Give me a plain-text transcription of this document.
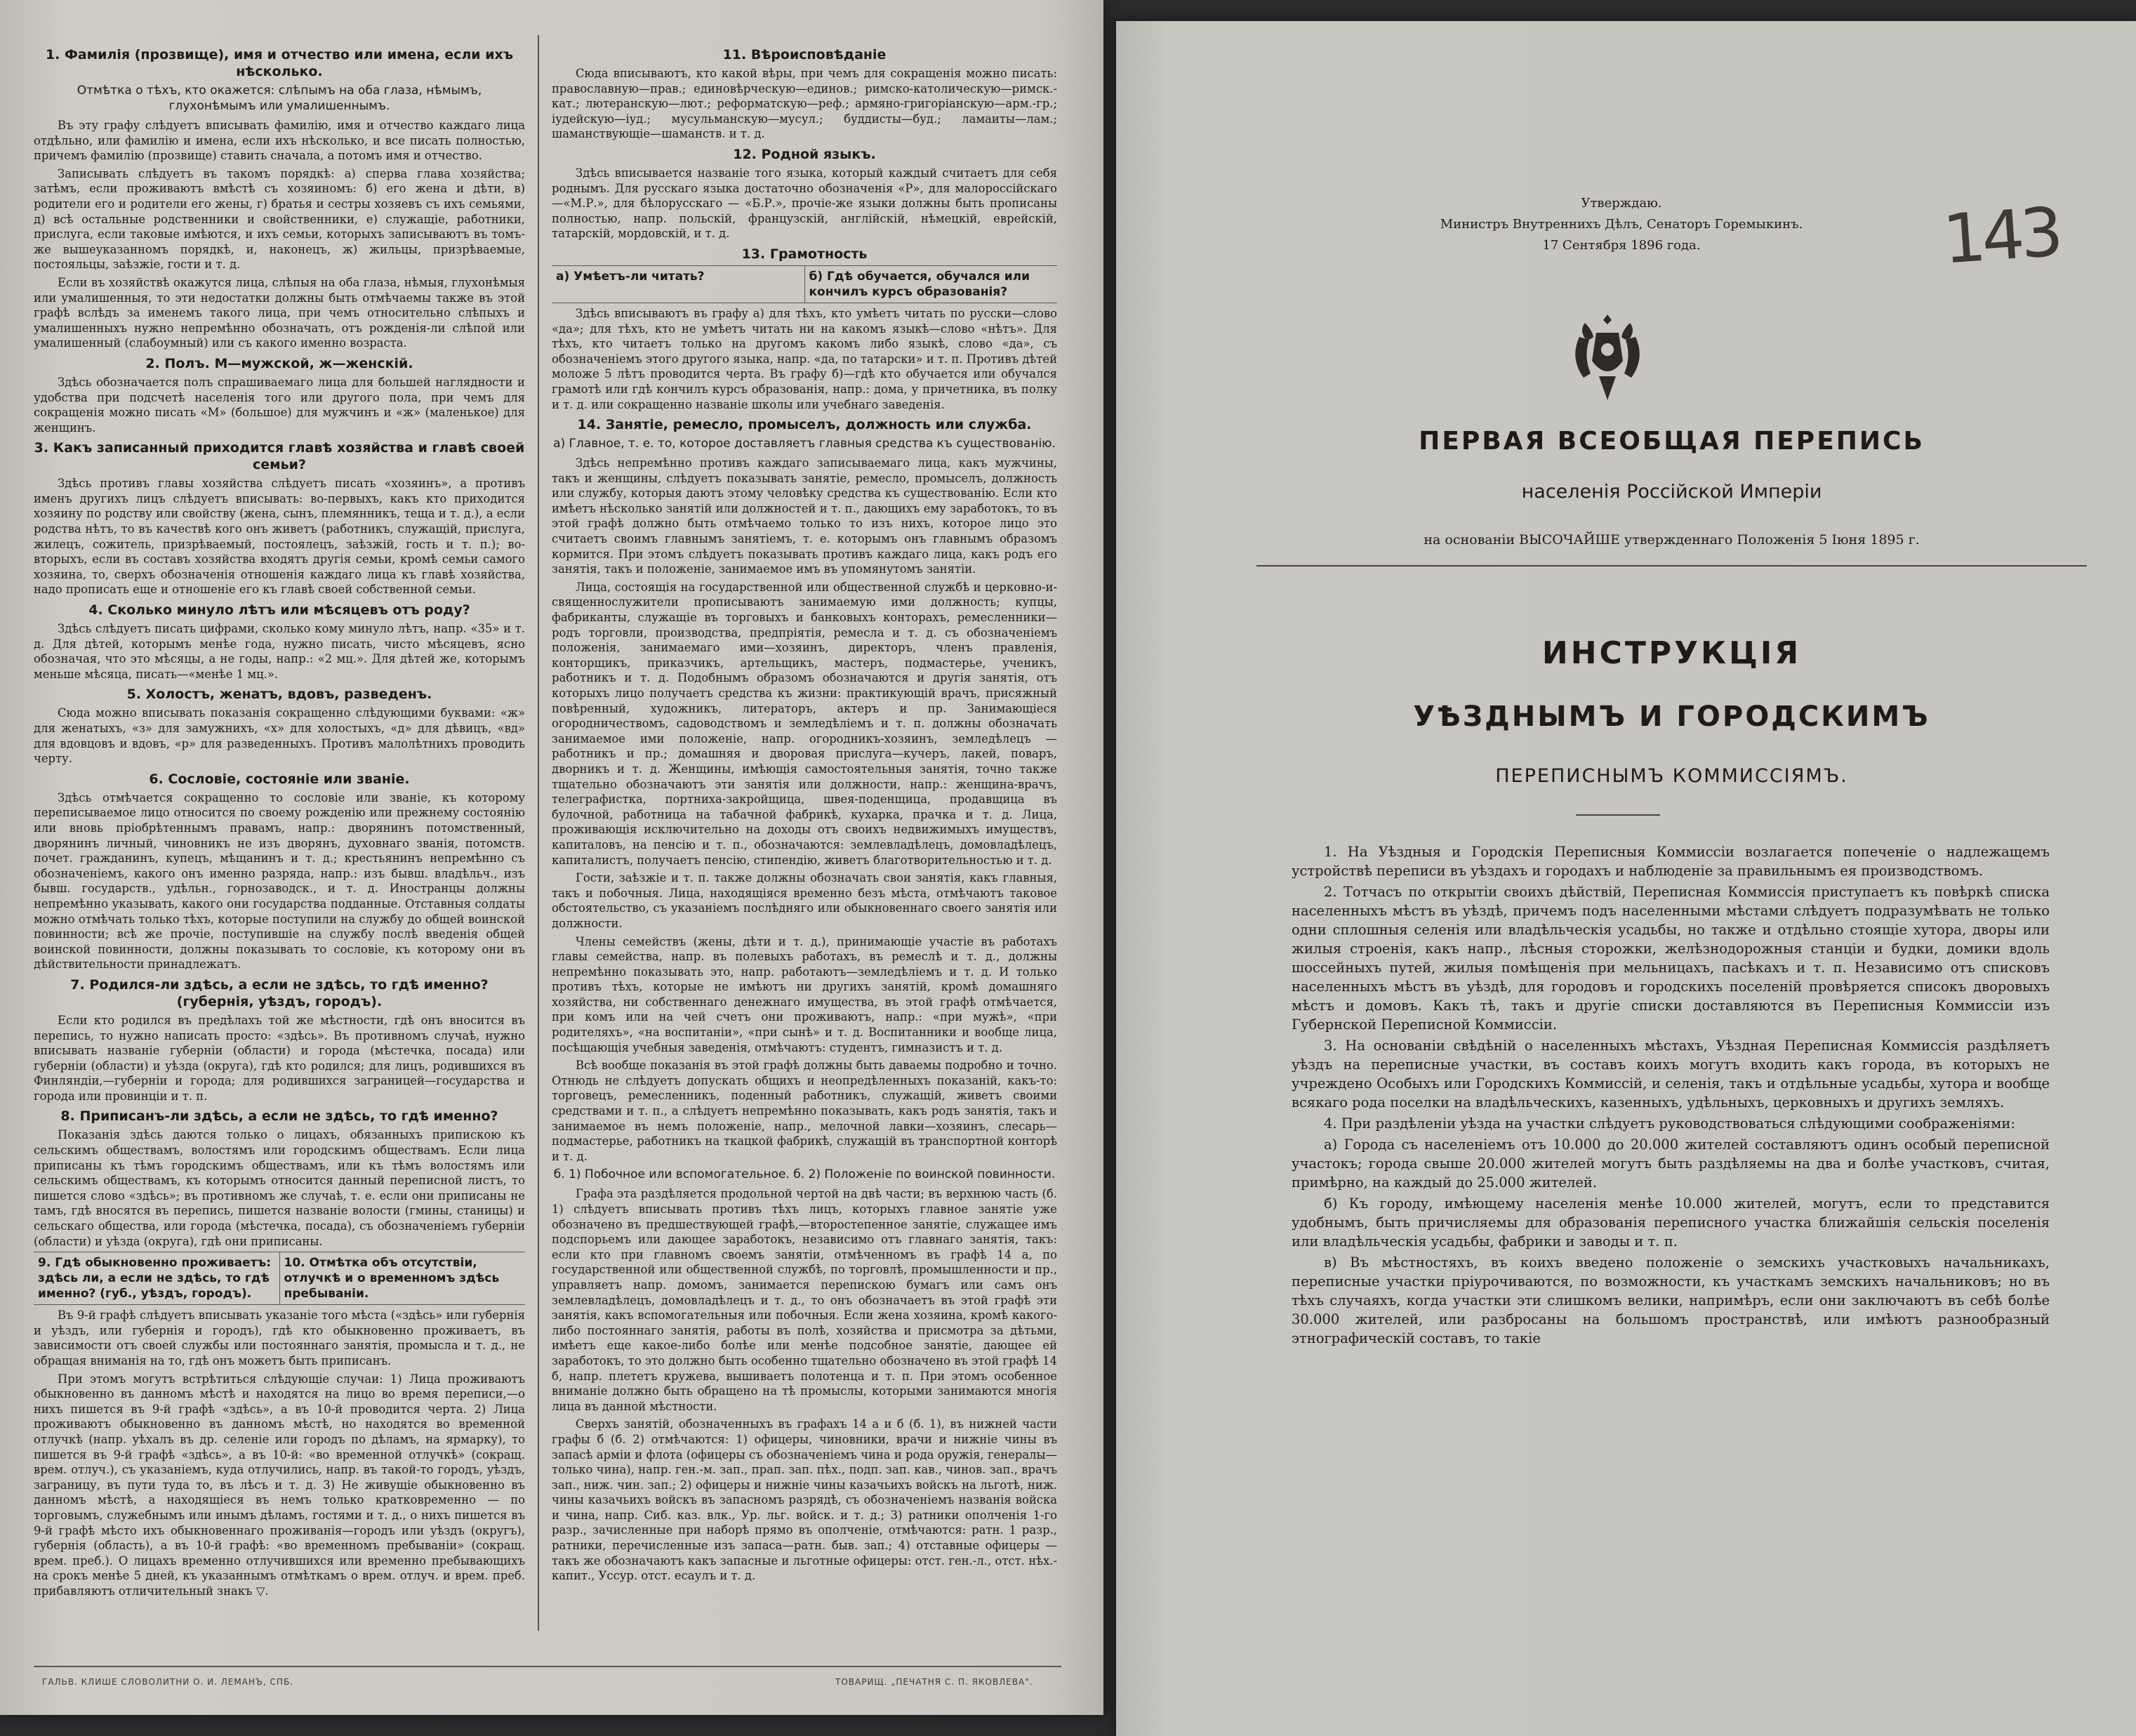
1. Фамилія (прозвище), имя и отчество или имена, если ихъ нѣсколько.
Отмѣтка о тѣхъ, кто окажется: слѣпымъ на оба глаза, нѣмымъ, глухонѣмымъ или умалишеннымъ.

Въ эту графу слѣдуетъ вписывать фамилію, имя и отчество каждаго лица отдѣльно, или фамилію и имена, если ихъ нѣсколько, и все писать полностью, причемъ фамилію (прозвище) ставить сначала, а потомъ имя и отчество.

Записывать слѣдуетъ въ такомъ порядкѣ: а) сперва глава хозяйства; затѣмъ, если проживаютъ вмѣстѣ съ хозяиномъ: б) его жена и дѣти, в) родители его и родители его жены, г) братья и сестры хозяевъ съ ихъ семьями, д) всѣ остальные родственники и свойственники, е) служащіе, работники, прислуга, если таковые имѣются, и ихъ семьи, которыхъ записываютъ въ томъ-же вышеуказанномъ порядкѣ, и, наконецъ, ж) жильцы, призрѣваемые, постояльцы, заѣзжіе, гости и т. д.

Если въ хозяйствѣ окажутся лица, слѣпыя на оба глаза, нѣмыя, глухонѣмыя или умалишенныя, то эти недостатки должны быть отмѣчаемы также въ этой графѣ вслѣдъ за именемъ такого лица, при чемъ относительно слѣпыхъ и умалишенныхъ нужно непремѣнно обозначать, отъ рожденія-ли слѣпой или умалишенный (слабоумный) или съ какого именно возраста.

2. Полъ. М—мужской, ж—женскій.

Здѣсь обозначается полъ спрашиваемаго лица для большей наглядности и удобства при подсчетѣ населенія того или другого пола, при чемъ для сокращенія можно писать «М» (большое) для мужчинъ и «ж» (маленькое) для женщинъ.

3. Какъ записанный приходится главѣ хозяйства и главѣ своей семьи?

Здѣсь противъ главы хозяйства слѣдуетъ писать «хозяинъ», а противъ именъ другихъ лицъ слѣдуетъ вписывать: во-первыхъ, какъ кто приходится хозяину по родству или свойству (жена, сынъ, племянникъ, теща и т. д.), а если родства нѣтъ, то въ качествѣ кого онъ живетъ (работникъ, служащій, прислуга, жилецъ, сожитель, призрѣваемый, постоялецъ, заѣзжій, гость и т. п.); во-вторыхъ, если въ составъ хозяйства входятъ другія семьи, кромѣ семьи самого хозяина, то, сверхъ обозначенія отношенія каждаго лица къ главѣ хозяйства, надо прописать еще и отношеніе его къ главѣ своей собственной семьи.

4. Сколько минуло лѣтъ или мѣсяцевъ отъ роду?

Здѣсь слѣдуетъ писать цифрами, сколько кому минуло лѣтъ, напр. «35» и т. д. Для дѣтей, которымъ менѣе года, нужно писать, чисто мѣсяцевъ, ясно обозначая, что это мѣсяцы, а не годы, напр.: «2 мц.». Для дѣтей же, которымъ меньше мѣсяца, писать—«менѣе 1 мц.».

5. Холостъ, женатъ, вдовъ, разведенъ.

Сюда можно вписывать показанія сокращенно слѣдующими буквами: «ж» для женатыхъ, «з» для замужнихъ, «х» для холостыхъ, «д» для дѣвицъ, «вд» для вдовцовъ и вдовъ, «р» для разведенныхъ. Противъ малолѣтнихъ проводить черту.

6. Сословіе, состояніе или званіе.

Здѣсь отмѣчается сокращенно то сословіе или званіе, къ которому переписываемое лицо относится по своему рожденію или прежнему состоянію или вновь пріобрѣтеннымъ правамъ, напр.: дворянинъ потомственный, дворянинъ личный, чиновникъ не изъ дворянъ, духовнаго званія, потомств. почет. гражданинъ, купецъ, мѣщанинъ и т. д.; крестьянинъ непремѣнно съ обозначеніемъ, какого онъ именно разряда, напр.: изъ бывш. владѣльч., изъ бывш. государств., удѣльн., горнозаводск., и т. д. Иностранцы должны непремѣнно указывать, какого они государства подданные. Отставныя солдаты можно отмѣчать только тѣхъ, которые поступили на службу до общей воинской повинности; всѣ же прочіе, поступившіе на службу послѣ введенія общей воинской повинности, должны показывать то сословіе, къ которому они въ дѣйствительности принадлежатъ.

7. Родился-ли здѣсь, а если не здѣсь, то гдѣ именно? (губернія, уѣздъ, городъ).

Если кто родился въ предѣлахъ той же мѣстности, гдѣ онъ вносится въ перепись, то нужно написать просто: «здѣсь». Въ противномъ случаѣ, нужно вписывать названіе губерніи (области) и города (мѣстечка, посада) или губерніи (области) и уѣзда (округа), гдѣ кто родился; для лицъ, родившихся въ Финляндіи,—губерніи и города; для родившихся заграницей—государства и города или провинціи и т. п.

8. Приписанъ-ли здѣсь, а если не здѣсь, то гдѣ именно?

Показанія здѣсь даются только о лицахъ, обязанныхъ припискою къ сельскимъ обществамъ, волостямъ или городскимъ обществамъ. Если лица приписаны къ тѣмъ городскимъ обществамъ, или къ тѣмъ волостямъ или сельскимъ обществамъ, къ которымъ относится данный переписной листъ, то пишется слово «здѣсь»; въ противномъ же случаѣ, т. е. если они приписаны не тамъ, гдѣ вносятся въ перепись, пишется названіе волости (гмины, станицы) и сельскаго общества, или города (мѣстечка, посада), съ обозначеніемъ губерніи (области) и уѣзда (округа), гдѣ они приписаны.

9. Гдѣ обыкновенно проживаетъ: здѣсь ли, а если не здѣсь, то гдѣ именно? (губ., уѣздъ, городъ).
10. Отмѣтка объ отсутствіи, отлучкѣ и о временномъ здѣсь пребываніи.

Въ 9-й графѣ слѣдуетъ вписывать указаніе того мѣста («здѣсь» или губернія и уѣздъ, или губернія и городъ), гдѣ кто обыкновенно проживаетъ, въ зависимости отъ своей службы или постояннаго занятія, промысла и т. д., не обращая вниманія на то, гдѣ онъ можетъ быть приписанъ.

При этомъ могутъ встрѣтиться слѣдующіе случаи: 1) Лица проживаютъ обыкновенно въ данномъ мѣстѣ и находятся на лицо во время переписи,—о нихъ пишется въ 9-й графѣ «здѣсь», а въ 10-й проводится черта. 2) Лица проживаютъ обыкновенно въ данномъ мѣстѣ, но находятся во временной отлучкѣ (напр. уѣхалъ въ др. селеніе или городъ по дѣламъ, на ярмарку), то пишется въ 9-й графѣ «здѣсь», а въ 10-й: «во временной отлучкѣ» (сокращ. врем. отлуч.), съ указаніемъ, куда отлучились, напр. въ такой-то городъ, уѣздъ, заграницу, въ пути туда то, въ лѣсъ и т. д. 3) Не живущіе обыкновенно въ данномъ мѣстѣ, а находящіеся въ немъ только кратковременно — по торговымъ, служебнымъ или инымъ дѣламъ, гостями и т. д., о нихъ пишется въ 9-й графѣ мѣсто ихъ обыкновеннаго проживанія—городъ или уѣздъ (округъ), губернія (область), а въ 10-й графѣ: «во временномъ пребываніи» (сокращ. врем. преб.). О лицахъ временно отлучившихся или временно пребывающихъ на срокъ менѣе 5 дней, къ указаннымъ отмѣткамъ о врем. отлуч. и врем. преб. прибавляютъ отличительный знакъ ▽.

11. Вѣроисповѣданіе

Сюда вписываютъ, кто какой вѣры, при чемъ для сокращенія можно писать: православную—прав.; единовѣрческую—единов.; римско-католическую—римск.-кат.; лютеранскую—лют.; реформатскую—реф.; армяно-григоріанскую—арм.-гр.; іудейскую—іуд.; мусульманскую—мусул.; буддисты—буд.; ламаиты—лам.; шаманствующіе—шаманств. и т. д.

12. Родной языкъ.

Здѣсь вписывается названіе того языка, который каждый считаетъ для себя роднымъ. Для русскаго языка достаточно обозначенія «Р», для малороссійскаго—«М.Р.», для бѣлорусскаго — «Б.Р.», прочіе-же языки должны быть прописаны полностью, напр. польскій, французскій, англійскій, нѣмецкій, еврейскій, татарскій, мордовскій, и т. д.

13. Грамотность
а) Умѣетъ-ли читать?	б) Гдѣ обучается, обучался или кончилъ курсъ образованія?

Здѣсь вписываютъ въ графу а) для тѣхъ, кто умѣетъ читать по русски—слово «да»; для тѣхъ, кто не умѣетъ читать ни на какомъ языкѣ—слово «нѣтъ». Для тѣхъ, кто читаетъ только на другомъ какомъ либо языкѣ, слово «да», съ обозначеніемъ этого другого языка, напр. «да, по татарски» и т. п. Противъ дѣтей моложе 5 лѣтъ проводится черта. Въ графу б)—гдѣ кто обучается или обучался грамотѣ или гдѣ кончилъ курсъ образованія, напр.: дома, у причетника, въ полку и т. д. или сокращенно названіе школы или учебнаго заведенія.

14. Занятіе, ремесло, промыселъ, должность или служба.
а) Главное, т. е. то, которое доставляетъ главныя средства къ существованію.

Здѣсь непремѣнно противъ каждаго записываемаго лица, какъ мужчины, такъ и женщины, слѣдуетъ показывать занятіе, ремесло, промыселъ, должность или службу, которыя даютъ этому человѣку средства къ существованію. Если кто имѣетъ нѣсколько занятій или должностей и т. п., дающихъ ему заработокъ, то въ этой графѣ должно быть отмѣчаемо только то изъ нихъ, которое лицо это считаетъ своимъ главнымъ занятіемъ, т. е. которымъ онъ главнымъ образомъ кормится. При этомъ слѣдуетъ показывать противъ каждаго лица, какъ родъ его занятія, такъ и положеніе, занимаемое имъ въ упомянутомъ занятіи.

Лица, состоящія на государственной или общественной службѣ и церковно-и-священнослужители прописываютъ занимаемую ими должность; купцы, фабриканты, служащіе въ торговыхъ и банковыхъ конторахъ, ремесленники—родъ торговли, производства, предпріятія, ремесла и т. д. съ обозначеніемъ положенія, занимаемаго ими—хозяинъ, директоръ, членъ правленія, конторщикъ, приказчикъ, артельщикъ, мастеръ, подмастерье, ученикъ, работникъ и т. д. Подобнымъ образомъ обозначаются и другія занятія, отъ которыхъ лицо получаетъ средства къ жизни: практикующій врачъ, присяжный повѣренный, художникъ, литераторъ, актеръ и пр. Занимающіеся огородничествомъ, садоводствомъ и земледѣліемъ и т. п. должны обозначать занимаемое ими положеніе, напр. огородникъ-хозяинъ, земледѣлецъ — работникъ и пр.; домашняя и дворовая прислуга—кучеръ, лакей, поваръ, дворникъ и т. д. Женщины, имѣющія самостоятельныя занятія, точно также тщательно обозначаютъ эти занятія или должности, напр.: женщина-врачъ, телеграфистка, портниха-закройщица, швея-поденщица, продавщица въ булочной, работница на табачной фабрикѣ, кухарка, прачка и т. д. Лица, проживающія исключительно на доходы отъ своихъ недвижимыхъ имуществъ, капиталовъ, на пенсію и т. п., обозначаются: землевладѣлецъ, домовладѣлецъ, капиталистъ, получаетъ пенсію, стипендію, живетъ благотворительностью и т. д.

Гости, заѣзжіе и т. п. также должны обозначать свои занятія, какъ главныя, такъ и побочныя. Лица, находящіяся временно безъ мѣста, отмѣчаютъ таковое обстоятельство, съ указаніемъ послѣдняго или обыкновеннаго своего занятія или должности.

Члены семействъ (жены, дѣти и т. д.), принимающіе участіе въ работахъ главы семейства, напр. въ полевыхъ работахъ, въ ремеслѣ и т. д., должны непремѣнно показывать это, напр. работаютъ—земледѣліемъ и т. д. И только противъ тѣхъ, которые не имѣютъ ни другихъ занятій, кромѣ домашняго хозяйства, ни собственнаго денежнаго имущества, въ этой графѣ отмѣчается, при комъ или на чей счетъ они проживаютъ, напр.: «при мужѣ», «при родителяхъ», «на воспитаніи», «при сынѣ» и т. д. Воспитанники и вообще лица, посѣщающія учебныя заведенія, отмѣчаютъ: студентъ, гимназистъ и т. д.

Всѣ вообще показанія въ этой графѣ должны быть даваемы подробно и точно. Отнюдь не слѣдуетъ допускать общихъ и неопредѣленныхъ показаній, какъ-то: торговецъ, ремесленникъ, поденный работникъ, служащій, живетъ своими средствами и т. п., а слѣдуетъ непремѣнно показывать, какъ родъ занятія, такъ и занимаемое въ немъ положеніе, напр., мелочной лавки—хозяинъ, слесарь—подмастерье, работникъ на ткацкой фабрикѣ, служащій въ транспортной конторѣ и т. д.

б. 1) Побочное или вспомогательное. б. 2) Положеніе по воинской повинности.

Графа эта раздѣляется продольной чертой на двѣ части; въ верхнюю часть (б. 1) слѣдуетъ вписывать противъ тѣхъ лицъ, которыхъ главное занятіе уже обозначено въ предшествующей графѣ,—второстепенное занятіе, служащее имъ подспорьемъ или дающее заработокъ, независимо отъ главнаго занятія, такъ: если кто при главномъ своемъ занятіи, отмѣченномъ въ графѣ 14 а, по государственной или общественной службѣ, по торговлѣ, промышленности и пр., управляетъ напр. домомъ, занимается перепискою бумагъ или самъ онъ землевладѣлецъ, домовладѣлецъ и т. д., то онъ обозначаетъ въ этой графѣ эти занятія, какъ вспомогательныя или побочныя. Если жена хозяина, кромѣ какого-либо постояннаго занятія, работы въ полѣ, хозяйства и присмотра за дѣтьми, имѣетъ еще какое-либо болѣе или менѣе подсобное занятіе, дающее ей заработокъ, то это должно быть особенно тщательно обозначено въ этой графѣ 14 б, напр. плететъ кружева, вышиваетъ полотенца и т. п. При этомъ особенное вниманіе должно быть обращено на тѣ промыслы, которыми занимаются многія лица въ данной мѣстности.

Сверхъ занятій, обозначенныхъ въ графахъ 14 а и б (б. 1), въ нижней части графы б (б. 2) отмѣчаются: 1) офицеры, чиновники, врачи и нижніе чины въ запасѣ арміи и флота (офицеры съ обозначеніемъ чина и рода оружія, генералы—только чина), напр. ген.-м. зап., прап. зап. пѣх., подп. зап. кав., чинов. зап., врачъ зап., ниж. чин. зап.; 2) офицеры и нижніе чины казачьихъ войскъ на льготѣ, ниж. чины казачьихъ войскъ въ запасномъ разрядѣ, съ обозначеніемъ названія войска и чина, напр. Сиб. каз. влк., Ур. льг. войск. и т. д.; 3) ратники ополченія 1-го разр., зачисленные при наборѣ прямо въ ополченіе, отмѣчаются: ратн. 1 разр., ратники, перечисленные изъ запаса—ратн. быв. зап.; 4) отставные офицеры — такъ же обозначаютъ какъ запасные и льготные офицеры: отст. ген.-л., отст. нѣх.-капит., Уссур. отст. есаулъ и т. д.

ГАЛЬВ. КЛИШЕ СЛОВОЛИТНИ О. И. ЛЕМАНЪ, СПБ.	ТОВАРИЩ. „ПЕЧАТНЯ С. П. ЯКОВЛЕВА".
Утверждаю.
Министръ Внутреннихъ Дѣлъ, Сенаторъ Горемыкинъ.
17 Сентября 1896 года.	143
ПЕРВАЯ ВСЕОБЩАЯ ПЕРЕПИСЬ
населенія Россійской Имперіи
на основаніи ВЫСОЧАЙШЕ утвержденнаго Положенія 5 Іюня 1895 г.
ИНСТРУКЦІЯ
УѢЗДНЫМЪ И ГОРОДСКИМЪ
ПЕРЕПИСНЫМЪ КОММИССІЯМЪ.

1. На Уѣздныя и Городскія Переписныя Коммиссіи возлагается попеченіе о надлежащемъ устройствѣ переписи въ уѣздахъ и городахъ и наблюденіе за правильнымъ ея производствомъ.

2. Тотчасъ по открытіи своихъ дѣйствій, Переписная Коммиссія приступаетъ къ повѣркѣ списка населенныхъ мѣстъ въ уѣздѣ, причемъ подъ населенными мѣстами слѣдуетъ подразумѣвать не только одни сплошныя селенія или владѣльческія усадьбы, но также и отдѣльно стоящіе хутора, дворы или жилыя строенія, какъ напр., лѣсныя сторожки, желѣзнодорожныя станціи и будки, домики вдоль шоссейныхъ путей, жилыя помѣщенія при мельницахъ, пасѣкахъ и т. п. Независимо отъ списковъ населенныхъ мѣстъ въ уѣздѣ, для городовъ и городскихъ поселеній провѣряется списокъ дворовыхъ мѣстъ и домовъ. Какъ тѣ, такъ и другіе списки доставляются въ Переписныя Коммиссіи изъ Губернской Переписной Коммиссіи.

3. На основаніи свѣдѣній о населенныхъ мѣстахъ, Уѣздная Переписная Коммиссія раздѣляетъ уѣздъ на переписные участки, въ составъ коихъ могутъ входить какъ города, въ которыхъ не учреждено Особыхъ или Городскихъ Коммиссій, и селенія, такъ и отдѣльные усадьбы, хутора и вообще всякаго рода поселки на владѣльческихъ, казенныхъ, удѣльныхъ, церковныхъ и другихъ земляхъ.

4. При раздѣленіи уѣзда на участки слѣдуетъ руководствоваться слѣдующими соображеніями:

а) Города съ населеніемъ отъ 10.000 до 20.000 жителей составляютъ одинъ особый переписной участокъ; города свыше 20.000 жителей могутъ быть раздѣляемы на два и болѣе участковъ, считая, примѣрно, на каждый до 25.000 жителей.

б) Къ городу, имѣющему населенія менѣе 10.000 жителей, могутъ, если то представится удобнымъ, быть причисляемы для образованія переписного участка ближайшія сельскія поселенія или владѣльческія усадьбы, фабрики и заводы и т. п.

в) Въ мѣстностяхъ, въ коихъ введено положеніе о земскихъ участковыхъ начальникахъ, переписные участки пріурочиваются, по возможности, къ участкамъ земскихъ начальниковъ; но въ тѣхъ случаяхъ, когда участки эти слишкомъ велики, напримѣръ, если они заключаютъ въ себѣ болѣе 30.000 жителей, или разбросаны на большомъ пространствѣ, или имѣютъ разнообразный этнографическій составъ, то такіе
